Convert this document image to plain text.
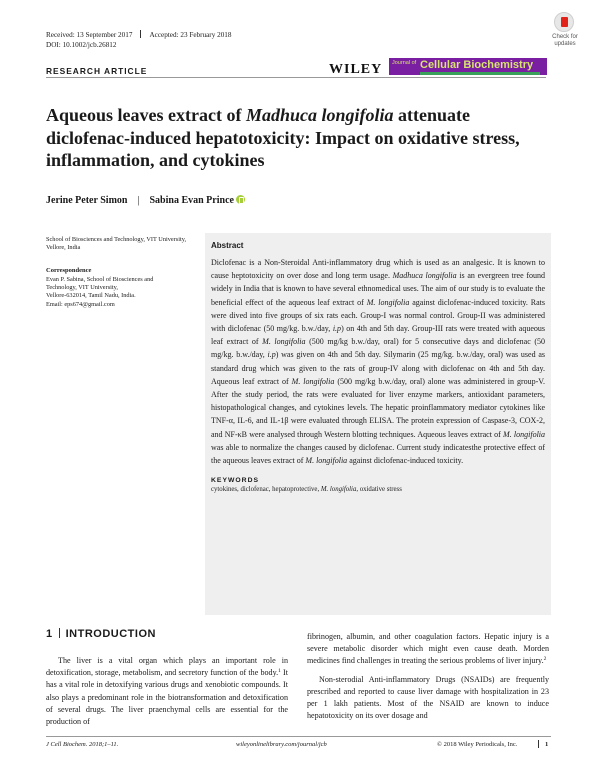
Received: 13 September 2017 Accepted: 23 February 2018
DOI: 10.1002/jcb.26812
Check for updates
RESEARCH ARTICLE	WILEY Journal of Cellular Biochemistry
Aqueous leaves extract of Madhuca longifolia attenuate diclofenac-induced hepatotoxicity: Impact on oxidative stress, inflammation, and cytokines
Jerine Peter Simon | Sabina Evan Prince
School of Biosciences and Technology, VIT University, Vellore, India
Correspondence
Evan P. Sabina, School of Biosciences and
Technology, VIT University,
Vellore-632014, Tamil Nadu, India.
Email: eps674@gmail.com
Abstract
Diclofenac is a Non-Steroidal Anti-inflammatory drug which is used as an analgesic. It is known to cause heptotoxicity on over dose and long term usage. Madhuca longifolia is an evergreen tree found widely in India that is known to have several ethnomedical uses. The aim of our study is to evaluate the beneficial effect of the aqueous leaf extract of M. longifolia against diclofenac-induced toxicity. Rats were dived into five groups of six rats each. Group-I was normal control. Group-II was administered with diclofenac (50 mg/kg. b.w./day, i.p) on 4th and 5th day. Group-III rats were treated with aqueous leaf extract of M. longifolia (500 mg/kg b.w./day, oral) for 5 consecutive days and diclofenac (50 mg/kg. b.w./day, i.p) was given on 4th and 5th day. Silymarin (25 mg/kg. b.w./day, oral) was used as standard drug which was given to the rats of group-IV along with diclofenac on 4th and 5th day. Aqueous leaf extract of M. longifolia (500 mg/kg b.w./day, oral) alone was administered in group-V. After the study period, the rats were evaluated for liver enzyme markers, antioxidant parameters, histopathological changes, and cytokines levels. The hepatic proinflammatory mediator cytokines like TNF-α, IL-6, and IL-1β were evaluated through ELISA. The protein expression of Caspase-3, COX-2, and NF-κB were analysed through Western blotting techniques. Aqueous leaves extract of M. longifolia was able to normalize the changes caused by diclofenac. Current study indicatesthe protective effect of the aqueous leaves extract of M. longifolia against diclofenac-induced toxicity.
KEYWORDS
cytokines, diclofenac, hepatoprotective, M. longifolia, oxidative stress
1 INTRODUCTION

The liver is a vital organ which plays an important role in detoxification, storage, metabolism, and secretory function of the body.$^1$ It has a vital role in detoxifying various drugs and xenobiotic compounds. It also plays a predominant role in the biotransformation and detoxification of several drugs. The liver praenchymal cells are essential for the production of

fibrinogen, albumin, and other coagulation factors. Hepatic injury is a severe metabolic disorder which might even cause death. Morden medicines find challenges in treating the serious problems of liver injury.$^2$

Non-sterodial Anti-inflammatory Drugs (NSAIDs) are frequently prescribed and reported to cause liver damage with hospitalization in 23 per 1 lakh patients. Most of the NSAID are known to induce hepatotoxicity on its over dosage and

J Cell Biochem. 2018;1–11.	wileyonlinelibrary.com/journal/jcb	© 2018 Wiley Periodicals, Inc.	1
